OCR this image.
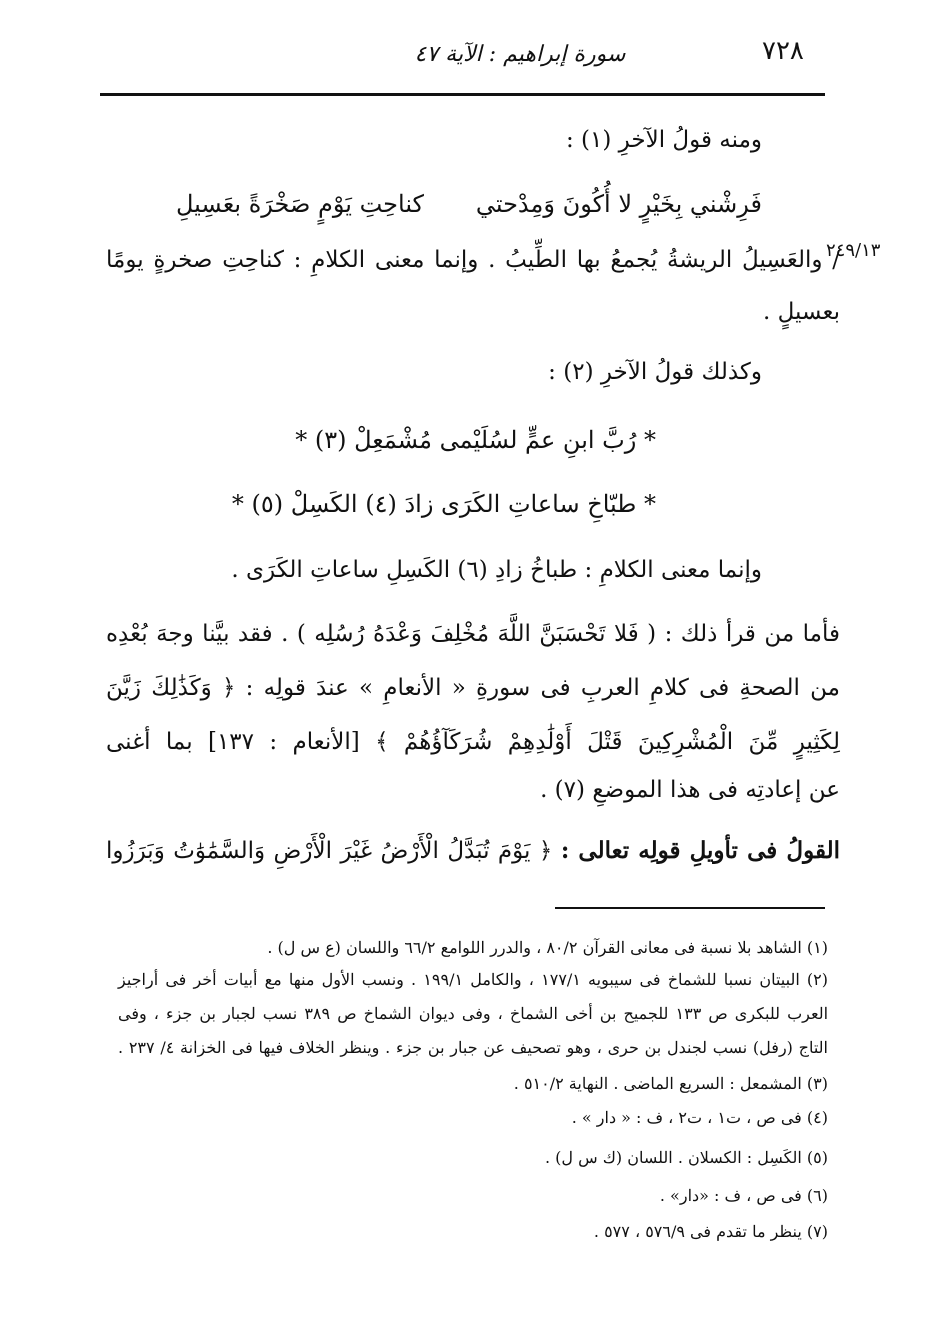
٧٢٨
سورة إبراهيم : الآية ٤٧
٢٤٩/١٣
ومنه قولُ الآخرِ (١) :
فَرِشْني بِخَيْرٍ لا أُكُونَ وَمِدْحتي
كناحِتِ يَوْمٍ صَخْرَةً بعَسِيلِ
/ والعَسِيلُ الريشةُ يُجمعُ بها الطِّيبُ . وإنما معنى الكلامِ : كناحِتِ صخرةٍ يومًا
بعسيلٍ .
وكذلك قولُ الآخرِ (٢) :
* رُبَّ ابنِ عمٍّ لسُلَيْمى مُشْمَعِلْ (٣) *
* طبّاخِ ساعاتِ الكَرَى زادَ (٤) الكَسِلْ (٥) *
وإنما معنى الكلامِ : طباخُ زادِ (٦) الكَسِلِ ساعاتِ الكَرَى .
فأما من قرأ ذلك : ( فَلا تَحْسَبَنَّ اللَّهَ مُخْلِفَ وَعْدَهُ رُسُلِه ) . فقد بيَّنا وجهَ بُعْدِه
من الصحةِ فى كلامِ العربِ فى سورةِ « الأنعامِ » عندَ قولِه : ﴿ وَكَذَٰلِكَ زَيَّنَ
لِكَثِيرٍ مِّنَ الْمُشْرِكِينَ قَتْلَ أَوْلَٰدِهِمْ شُرَكَآؤُهُمْ ﴾ [الأنعام : ١٣٧] بما أغنى
عن إعادتِه فى هذا الموضعِ (٧) .
القولُ فى تأويلِ قولِه تعالى : ﴿ يَوْمَ تُبَدَّلُ الْأَرْضُ غَيْرَ الْأَرْضِ وَالسَّمَٰوَٰتُ وَبَرَزُوا
(١) الشاهد بلا نسبة فى معانى القرآن ٨٠/٢ ، والدرر اللوامع ٦٦/٢ واللسان (ع س ل) .
(٢) البيتان نسبا للشماخ فى سيبويه ١٧٧/١ ، والكامل ١٩٩/١ . ونسب الأول منها مع أبيات أخر فى أراجيز
العرب للبكرى ص ١٣٣ للجميح بن أخى الشماخ ، وفى ديوان الشماخ ص ٣٨٩ نسب لجبار بن جزء ، وفى
التاج (رفل) نسب لجندل بن حرى ، وهو تصحيف عن جبار بن جزء . وينظر الخلاف فيها فى الخزانة ٤/ ٢٣٧ .
(٣) المشمعل : السريع الماضى . النهاية ٥١٠/٢ .
(٤) فى ص ، ت١ ، ت٢ ، ف : « دار » .
(٥) الكَسِل : الكسلان . اللسان (ك س ل) .
(٦) فى ص ، ف : «دار» .
(٧) ينظر ما تقدم فى ٥٧٦/٩ ، ٥٧٧ .
